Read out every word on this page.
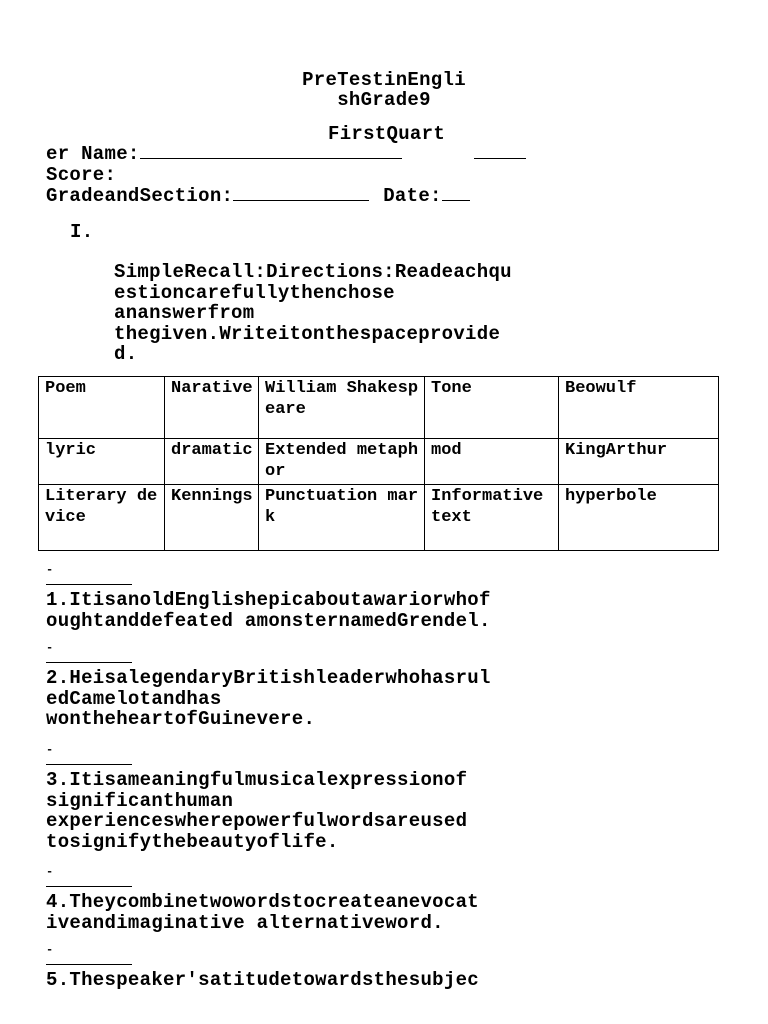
PreTestinEngli
shGrade9
FirstQuart
er Name:
Score:
GradeandSection:	Date:
I.
SimpleRecall:Directions:Readeachqu
estioncarefullythenchose
ananswerfrom
thegiven.Writeitonthespaceprovide
d.
Poem	Narative	William Shakespeare	Tone	Beowulf
lyric	dramatic	Extended metaphor	mod	KingArthur
Literary device	Kennings	Punctuation mark	Informative text	hyperbole
-
1.ItisanoldEnglishepicaboutawariorwhof
oughtanddefeated amonsternamedGrendel.
-
2.HeisalegendaryBritishleaderwhohasrul
edCamelotandhas
wontheheartofGuinevere.
-
3.Itisameaningfulmusicalexpressionof
significanthuman
experienceswherepowerfulwordsareused
tosignifythebeautyoflife.
-
4.Theycombinetwowordstocreateanevocat
iveandimaginative alternativeword.
-
5.Thespeaker'satitudetowardsthesubjec
